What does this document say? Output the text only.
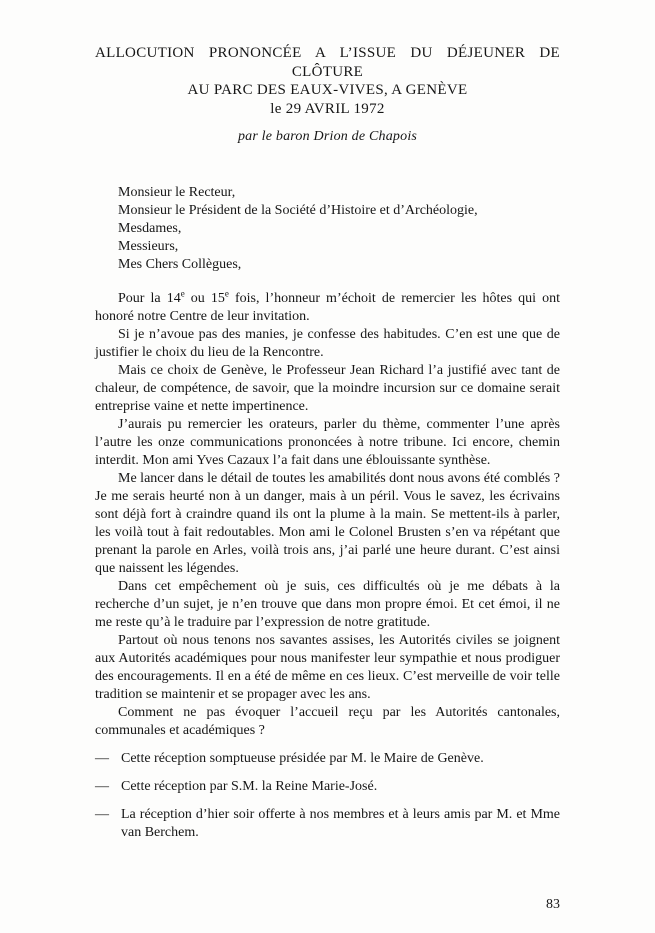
ALLOCUTION PRONONCÉE A L’ISSUE DU DÉJEUNER DE
CLÔTURE
AU PARC DES EAUX-VIVES, A GENÈVE
le 29 AVRIL 1972
par le baron Drion de Chapois
Monsieur le Recteur,
Monsieur le Président de la Société d’Histoire et d’Archéologie,
Mesdames,
Messieurs,
Mes Chers Collègues,

Pour la 14e ou 15e fois, l’honneur m’échoit de remercier les hôtes qui ont honoré notre Centre de leur invitation.

Si je n’avoue pas des manies, je confesse des habitudes. C’en est une que de justifier le choix du lieu de la Rencontre.

Mais ce choix de Genève, le Professeur Jean Richard l’a justifié avec tant de chaleur, de compétence, de savoir, que la moindre incursion sur ce domaine serait entreprise vaine et nette impertinence.

J’aurais pu remercier les orateurs, parler du thème, commenter l’une après l’autre les onze communications prononcées à notre tribune. Ici encore, chemin interdit. Mon ami Yves Cazaux l’a fait dans une éblouissante synthèse.

Me lancer dans le détail de toutes les amabilités dont nous avons été comblés ? Je me serais heurté non à un danger, mais à un péril. Vous le savez, les écrivains sont déjà fort à craindre quand ils ont la plume à la main. Se mettent-ils à parler, les voilà tout à fait redoutables. Mon ami le Colonel Brusten s’en va répétant que prenant la parole en Arles, voilà trois ans, j’ai parlé une heure durant. C’est ainsi que naissent les légendes.

Dans cet empêchement où je suis, ces difficultés où je me débats à la recherche d’un sujet, je n’en trouve que dans mon propre émoi. Et cet émoi, il ne me reste qu’à le traduire par l’expression de notre gratitude.

Partout où nous tenons nos savantes assises, les Autorités civiles se joignent aux Autorités académiques pour nous manifester leur sympathie et nous prodiguer des encouragements. Il en a été de même en ces lieux. C’est merveille de voir telle tradition se maintenir et se propager avec les ans.

Comment ne pas évoquer l’accueil reçu par les Autorités cantonales, communales et académiques ?

— Cette réception somptueuse présidée par M. le Maire de Genève.
— Cette réception par S.M. la Reine Marie-José.
— La réception d’hier soir offerte à nos membres et à leurs amis par M. et Mme van Berchem.
83
